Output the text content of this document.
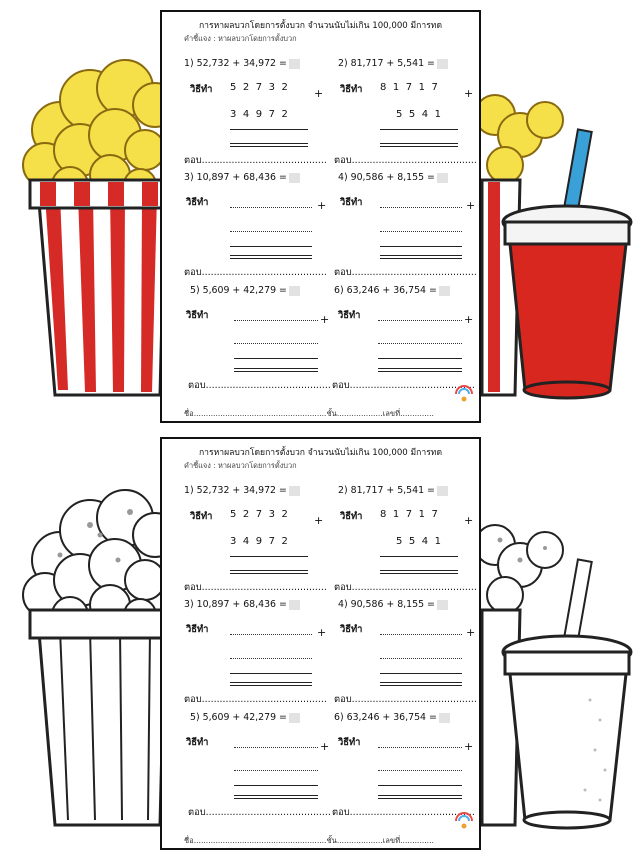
การหาผลบวกโดยการตั้งบวก จำนวนนับไม่เกิน 100,000 มีการทด
คำชี้แจง : หาผลบวกโดยการตั้งบวก
1) 52,732 + 34,972 =	2) 81,717 + 5,541 =
วิธีทำ 52732
34972
+
ตอบ..........................................
วิธีทำ 81717
5541
+
ตอบ..........................................
3) 10,897 + 68,436 =	4) 90,586 + 8,155 =
วิธีทำ	+
ตอบ..........................................
วิธีทำ	+
ตอบ..........................................
5) 5,609 + 42,279 =	6) 63,246 + 36,754 =
วิธีทำ	+
ตอบ..........................................
วิธีทำ	+
ตอบ..........................................
ชื่อ.......................................................ชั้น...................เลขที่..............
การหาผลบวกโดยการตั้งบวก จำนวนนับไม่เกิน 100,000 มีการทด
คำชี้แจง : หาผลบวกโดยการตั้งบวก
1) 52,732 + 34,972 =	2) 81,717 + 5,541 =
วิธีทำ 52732
34972
+
ตอบ..........................................
วิธีทำ 81717
5541
+
ตอบ..........................................
3) 10,897 + 68,436 =	4) 90,586 + 8,155 =
วิธีทำ	+
ตอบ..........................................
วิธีทำ	+
ตอบ..........................................
5) 5,609 + 42,279 =	6) 63,246 + 36,754 =
วิธีทำ	+
ตอบ..........................................
วิธีทำ	+
ตอบ..........................................
ชื่อ.......................................................ชั้น...................เลขที่..............
